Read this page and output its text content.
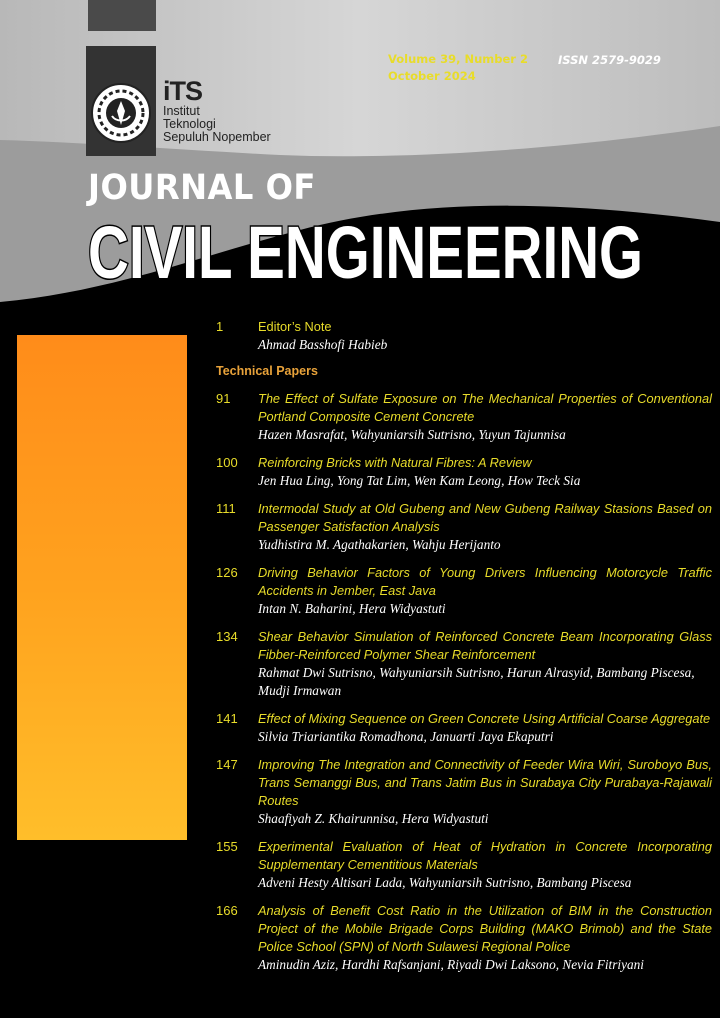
iTS
Institut
Teknologi
Sepuluh Nopember
Volume 39, Number 2
October 2024
ISSN 2579-9029
JOURNAL OF
CIVIL ENGINEERING
1	Editor’s Note
Ahmad Basshofi Habieb
Technical Papers
91	The Effect of Sulfate Exposure on The Mechanical Properties of Conventional Portland Composite Cement Concrete
Hazen Masrafat, Wahyuniarsih Sutrisno, Yuyun Tajunnisa
100	Reinforcing Bricks with Natural Fibres: A Review
Jen Hua Ling, Yong Tat Lim, Wen Kam Leong, How Teck Sia
111	Intermodal Study at Old Gubeng and New Gubeng Railway Stasions Based on Passenger Satisfaction Analysis
Yudhistira M. Agathakarien, Wahju Herijanto
126	Driving Behavior Factors of Young Drivers Influencing Motorcycle Traffic Accidents in Jember, East Java
Intan N. Baharini, Hera Widyastuti
134	Shear Behavior Simulation of Reinforced Concrete Beam Incorporating Glass Fibber-Reinforced Polymer Shear Reinforcement
Rahmat Dwi Sutrisno, Wahyuniarsih Sutrisno, Harun Alrasyid, Bambang Piscesa, Mudji Irmawan
141	Effect of Mixing Sequence on Green Concrete Using Artificial Coarse Aggregate
Silvia Triariantika Romadhona, Januarti Jaya Ekaputri
147	Improving The Integration and Connectivity of Feeder Wira Wiri, Suroboyo Bus, Trans Semanggi Bus, and Trans Jatim Bus in Surabaya City Purabaya-Rajawali Routes
Shaafiyah Z. Khairunnisa, Hera Widyastuti
155	Experimental Evaluation of Heat of Hydration in Concrete Incorporating Supplementary Cementitious Materials
Adveni Hesty Altisari Lada, Wahyuniarsih Sutrisno, Bambang Piscesa
166	Analysis of Benefit Cost Ratio in the Utilization of BIM in the Construction Project of the Mobile Brigade Corps Building (MAKO Brimob) and the State Police School (SPN) of North Sulawesi Regional Police
Aminudin Aziz, Hardhi Rafsanjani, Riyadi Dwi Laksono, Nevia Fitriyani
